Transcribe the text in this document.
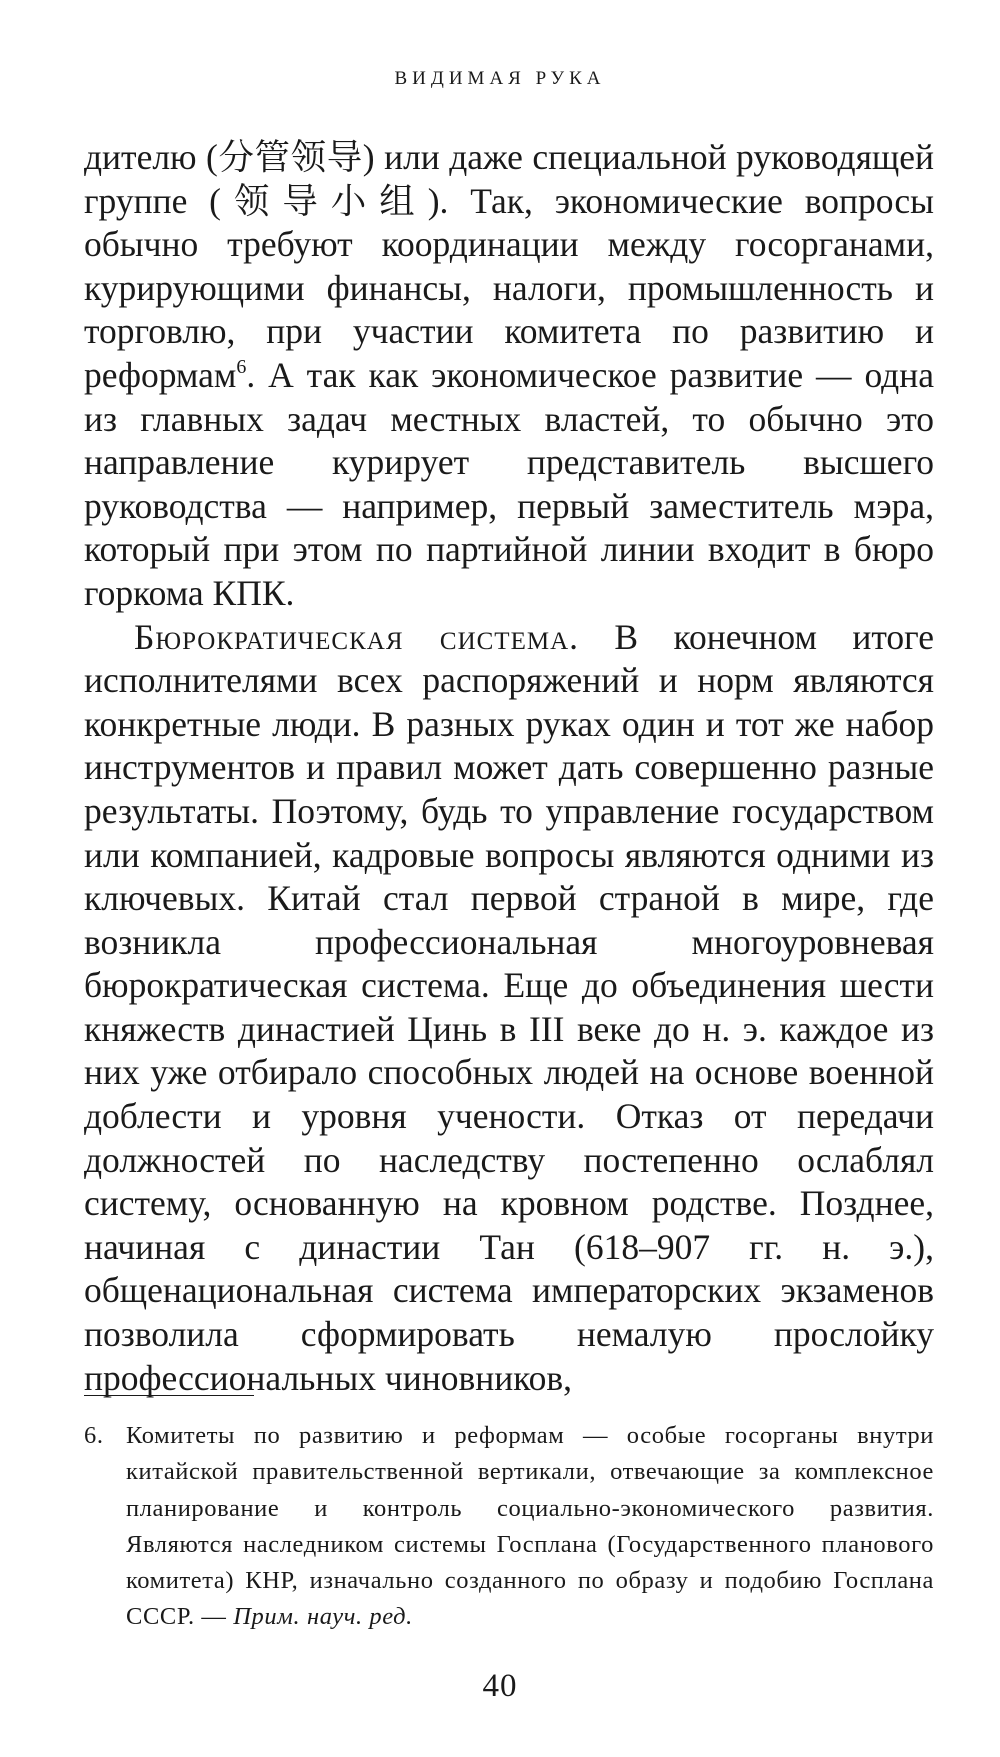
ВИДИМАЯ РУКА

дителю (分管领导) или даже специальной руководящей группе (领导小组). Так, экономические вопросы обычно требуют координации между госорганами, курирующими финансы, налоги, промышленность и торговлю, при участии комитета по развитию и реформам$^6$. А так как экономическое развитие — одна из главных задач местных властей, то обычно это направление курирует представитель высшего руководства — например, первый заместитель мэра, который при этом по партийной линии входит в бюро горкома КПК.

Бюрократическая система. В конечном итоге исполнителями всех распоряжений и норм являются конкретные люди. В разных руках один и тот же набор инструментов и правил может дать совершенно разные результаты. Поэтому, будь то управление государством или компанией, кадровые вопросы являются одними из ключевых. Китай стал первой страной в мире, где возникла профессиональная многоуровневая бюрократическая система. Еще до объединения шести княжеств династией Цинь в III веке до н. э. каждое из них уже отбирало способных людей на основе военной доблести и уровня учености. Отказ от передачи должностей по наследству постепенно ослаблял систему, основанную на кровном родстве. Позднее, начиная с династии Тан (618–907 гг. н. э.), общенациональная система императорских экзаменов позволила сформировать немалую прослойку профессиональных чиновников,

6. Комитеты по развитию и реформам — особые госорганы внутри китайской правительственной вертикали, отвечающие за комплексное планирование и контроль социально-экономического развития. Являются наследником системы Госплана (Государственного планового комитета) КНР, изначально созданного по образу и подобию Госплана СССР. — Прим. науч. ред.
40
